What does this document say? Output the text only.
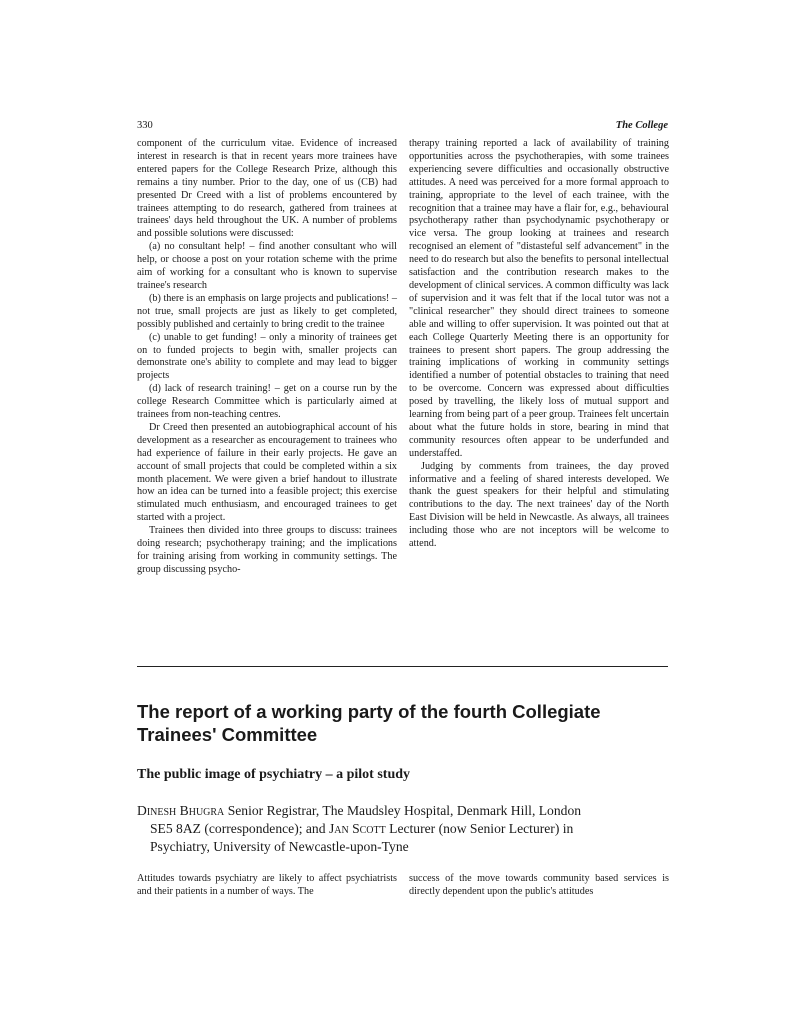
330	The College

component of the curriculum vitae. Evidence of increased interest in research is that in recent years more trainees have entered papers for the College Research Prize, although this remains a tiny number. Prior to the day, one of us (CB) had presented Dr Creed with a list of problems encountered by trainees attempting to do research, gathered from trainees at trainees' days held throughout the UK. A number of problems and possible solutions were discussed:

(a) no consultant help! – find another consultant who will help, or choose a post on your rotation scheme with the prime aim of working for a consultant who is known to supervise trainee's research

(b) there is an emphasis on large projects and publications! – not true, small projects are just as likely to get completed, possibly published and certainly to bring credit to the trainee

(c) unable to get funding! – only a minority of trainees get on to funded projects to begin with, smaller projects can demonstrate one's ability to complete and may lead to bigger projects

(d) lack of research training! – get on a course run by the college Research Committee which is particularly aimed at trainees from non-teaching centres.

Dr Creed then presented an autobiographical account of his development as a researcher as encouragement to trainees who had experience of failure in their early projects. He gave an account of small projects that could be completed within a six month placement. We were given a brief handout to illustrate how an idea can be turned into a feasible project; this exercise stimulated much enthusiasm, and encouraged trainees to get started with a project.

Trainees then divided into three groups to discuss: trainees doing research; psychotherapy training; and the implications for training arising from working in community settings. The group discussing psycho-

therapy training reported a lack of availability of training opportunities across the psychotherapies, with some trainees experiencing severe difficulties and occasionally obstructive attitudes. A need was perceived for a more formal approach to training, appropriate to the level of each trainee, with the recognition that a trainee may have a flair for, e.g., behavioural psychotherapy rather than psychodynamic psychotherapy or vice versa. The group looking at trainees and research recognised an element of "distasteful self advancement" in the need to do research but also the benefits to personal intellectual satisfaction and the contribution research makes to the development of clinical services. A common difficulty was lack of supervision and it was felt that if the local tutor was not a "clinical researcher" they should direct trainees to someone able and willing to offer supervision. It was pointed out that at each College Quarterly Meeting there is an opportunity for trainees to present short papers. The group addressing the training implications of working in community settings identified a number of potential obstacles to training that need to be overcome. Concern was expressed about difficulties posed by travelling, the likely loss of mutual support and learning from being part of a peer group. Trainees felt uncertain about what the future holds in store, bearing in mind that community resources often appear to be underfunded and understaffed.

Judging by comments from trainees, the day proved informative and a feeling of shared interests developed. We thank the guest speakers for their helpful and stimulating contributions to the day. The next trainees' day of the North East Division will be held in Newcastle. As always, all trainees including those who are not inceptors will be welcome to attend.

The report of a working party of the fourth Collegiate Trainees' Committee
The public image of psychiatry – a pilot study
Dinesh Bhugra Senior Registrar, The Maudsley Hospital, Denmark Hill, London
SE5 8AZ (correspondence); and Jan Scott Lecturer (now Senior Lecturer) in
Psychiatry, University of Newcastle-upon-Tyne
Attitudes towards psychiatry are likely to affect psychiatrists and their patients in a number of ways. The
success of the move towards community based services is directly dependent upon the public's attitudes
